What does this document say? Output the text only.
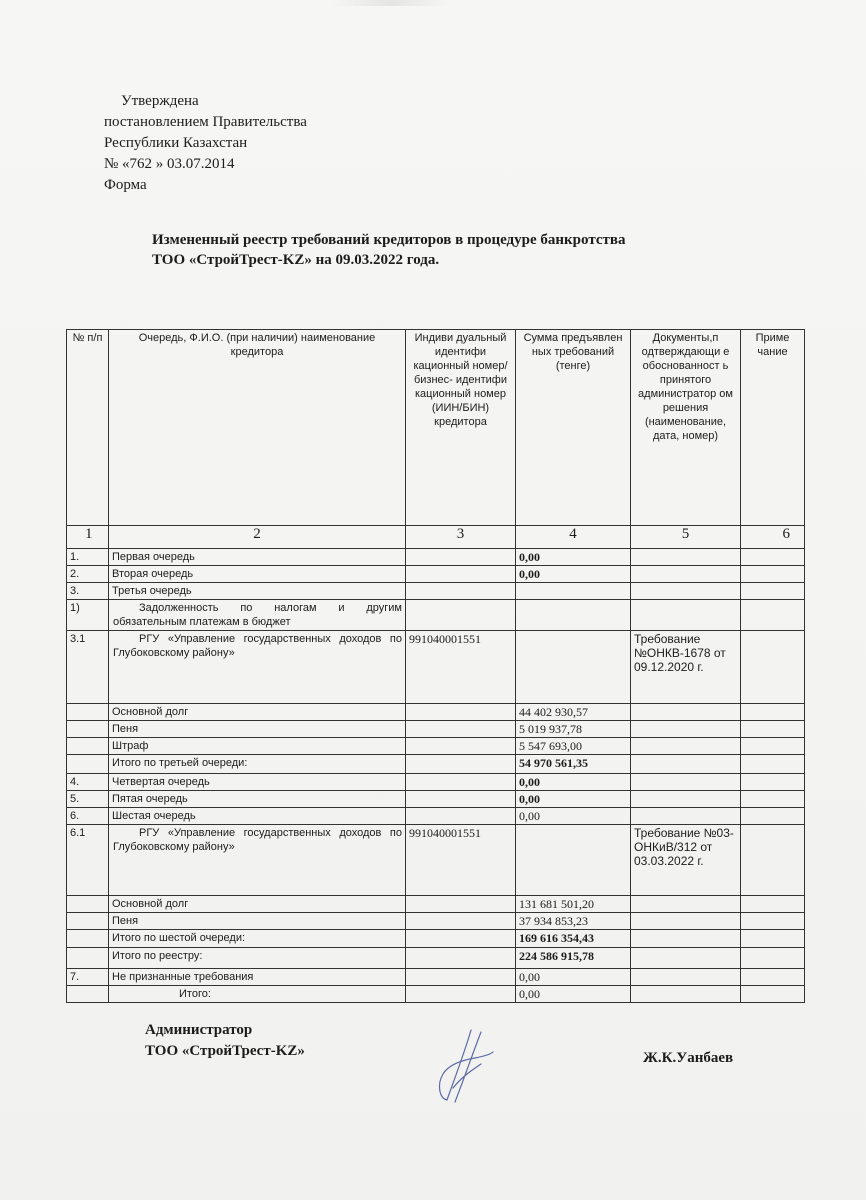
Утверждена
постановлением Правительства
Республики Казахстан
№ «762 » 03.07.2014
Форма
Измененный реестр требований кредиторов в процедуре банкротства
ТОО «СтройТрест-KZ» на 09.03.2022 года.
№ п/п	Очередь, Ф.И.О. (при наличии) наименование кредитора	Индиви дуальный идентифи кационный номер/ бизнес- идентифи кационный номер (ИИН/БИН) кредитора	Сумма предъявлен ных требований (тенге)	Документы,п одтверждающи е обоснованност ь принятого администратор ом решения (наименование, дата, номер)	Приме чание
1	2	3	4	5	6
1.	Первая очередь		0,00		
2.	Вторая очередь		0,00		
3.	Третья очередь				
1)	Задолженность по налогам и другим обязательным платежам в бюджет				
3.1	РГУ «Управление государственных доходов по Глубоковскому району»	991040001551		Требование №ОНКВ-1678 от 09.12.2020 г.	
	Основной долг		44 402 930,57		
	Пеня		5 019 937,78		
	Штраф		5 547 693,00		
	Итого по третьей очереди:		54 970 561,35		
4.	Четвертая очередь		0,00		
5.	Пятая очередь		0,00		
6.	Шестая очередь		0,00		
6.1	РГУ «Управление государственных доходов по Глубоковскому району»	991040001551		Требование №03-ОНКиВ/312 от 03.03.2022 г.	
	Основной долг		131 681 501,20		
	Пеня		37 934 853,23		
	Итого по шестой очереди:		169 616 354,43		
	Итого по реестру:		224 586 915,78		
7.	Не признанные требования		0,00		
	Итого:		0,00		
Администратор
ТОО «СтройТрест-KZ»	Ж.К.Уанбаев
